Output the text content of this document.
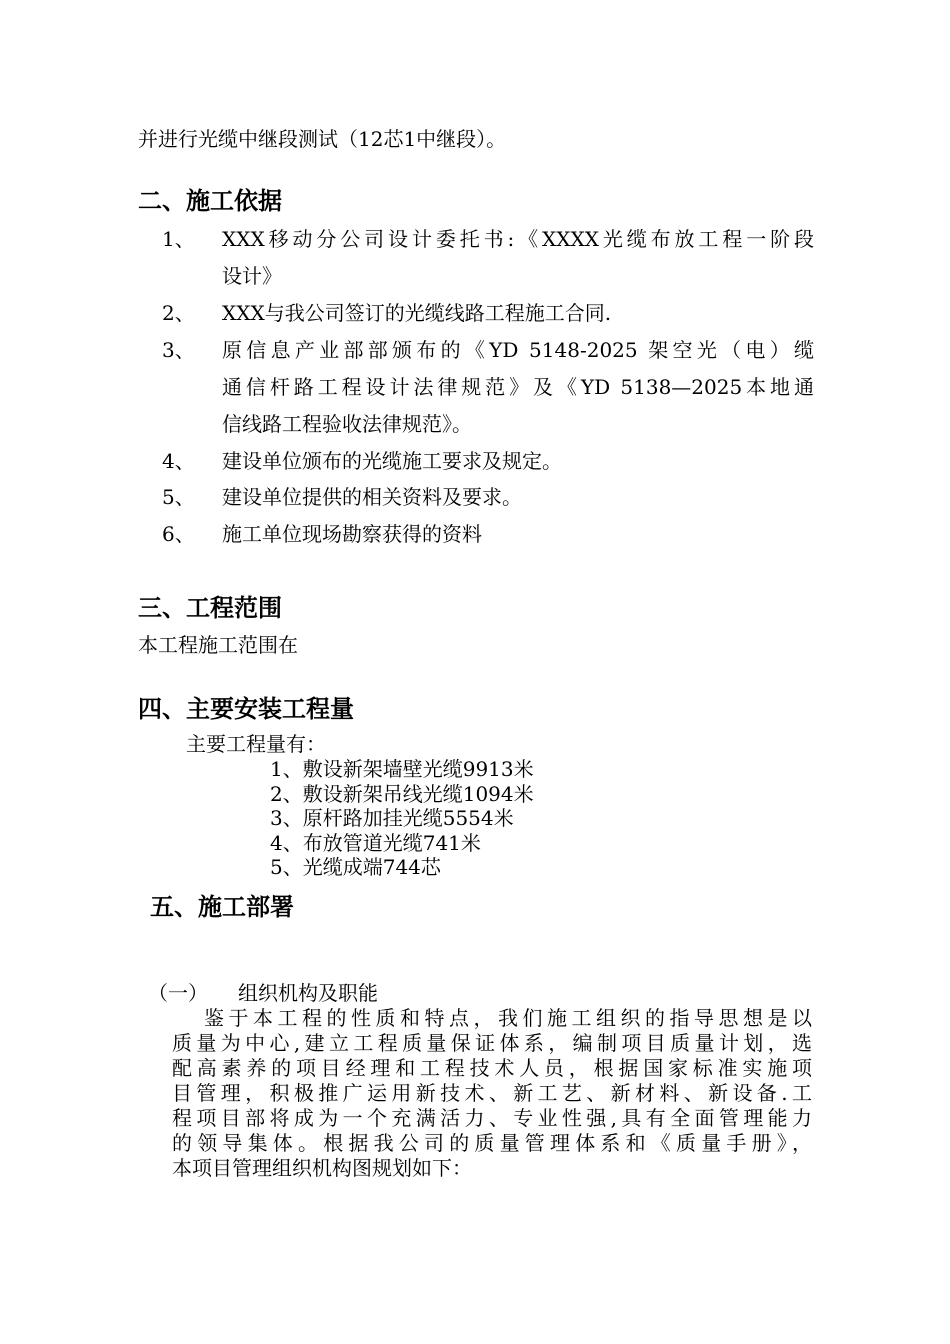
并进行光缆中继段测试（12芯1中继段）。
二、施工依据
1、 XXX移动分公司设计委托书:《XXXX光缆布放工程一阶段
设计》
2、 XXX与我公司签订的光缆线路工程施工合同.
3、 原信息产业部部颁布的《YD 5148-2025 架空光（电）缆
通信杆路工程设计法律规范》及《YD 5138—2025本地通
信线路工程验收法律规范》。
4、 建设单位颁布的光缆施工要求及规定。
5、 建设单位提供的相关资料及要求。
6、 施工单位现场勘察获得的资料
三、工程范围
本工程施工范围在
四、主要安装工程量
主要工程量有：
1、敷设新架墙壁光缆9913米
2、敷设新架吊线光缆1094米
3、原杆路加挂光缆5554米
4、布放管道光缆741米
5、光缆成端744芯
五、施工部署
（一） 组织机构及职能
鉴于本工程的性质和特点，我们施工组织的指导思想是以
质量为中心,建立工程质量保证体系，编制项目质量计划，选
配高素养的项目经理和工程技术人员，根据国家标准实施项
目管理，积极推广运用新技术、新工艺、新材料、新设备.工
程项目部将成为一个充满活力、专业性强,具有全面管理能力
的领导集体。根据我公司的质量管理体系和《质量手册》，
本项目管理组织机构图规划如下：
